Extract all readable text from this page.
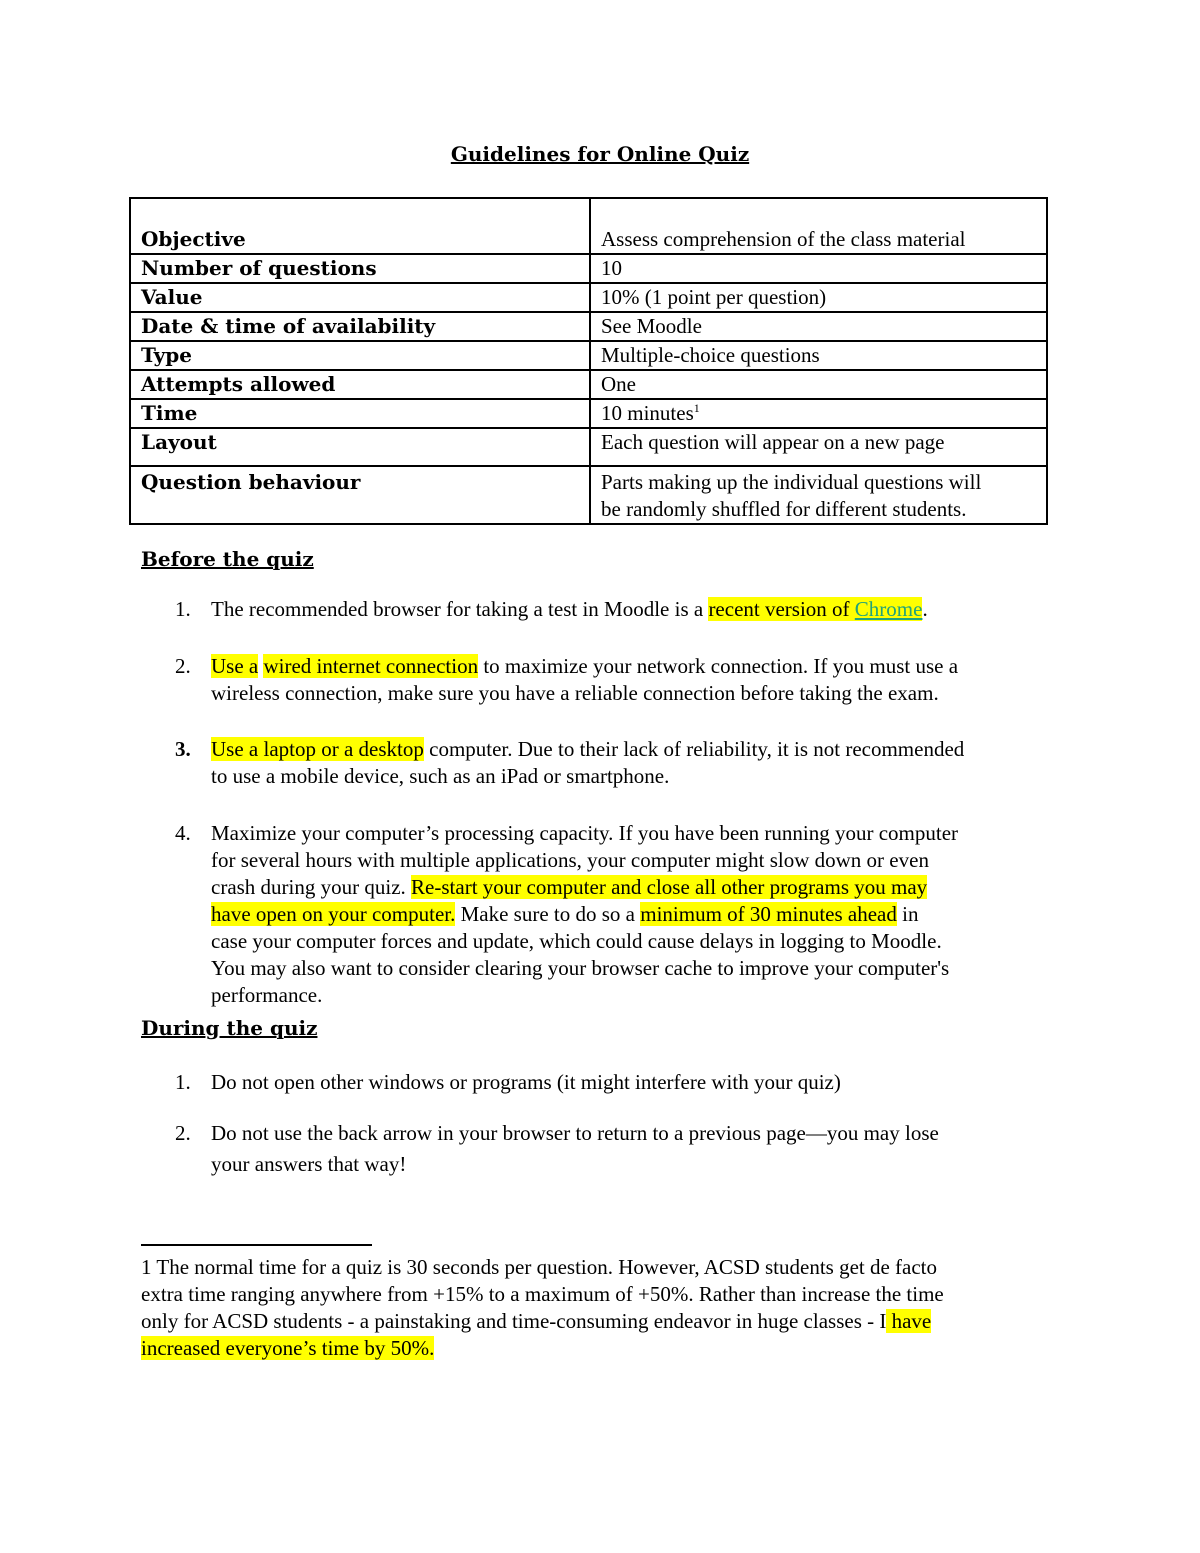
Guidelines for Online Quiz
Objective	Assess comprehension of the class material
Number of questions	10
Value	10% (1 point per question)
Date & time of availability	See Moodle
Type	Multiple-choice questions
Attempts allowed	One
Time	10 minutes$^1$
Layout	Each question will appear on a new page
Question behaviour	Parts making up the individual questions will
be randomly shuffled for different students.
Before the quiz
1. The recommended browser for taking a test in Moodle is a recent version of Chrome.
2. Use a wired internet connection to maximize your network connection. If you must use a
wireless connection, make sure you have a reliable connection before taking the exam.
3. Use a laptop or a desktop computer. Due to their lack of reliability, it is not recommended
to use a mobile device, such as an iPad or smartphone.
4. Maximize your computer’s processing capacity. If you have been running your computer
for several hours with multiple applications, your computer might slow down or even
crash during your quiz. Re-start your computer and close all other programs you may
have open on your computer. Make sure to do so a minimum of 30 minutes ahead in
case your computer forces and update, which could cause delays in logging to Moodle.
You may also want to consider clearing your browser cache to improve your computer's
performance.
During the quiz
1. Do not open other windows or programs (it might interfere with your quiz)
2. Do not use the back arrow in your browser to return to a previous page—you may lose
your answers that way!
1 The normal time for a quiz is 30 seconds per question. However, ACSD students get de facto
extra time ranging anywhere from +15% to a maximum of +50%. Rather than increase the time
only for ACSD students - a painstaking and time-consuming endeavor in huge classes - I have
increased everyone’s time by 50%.
